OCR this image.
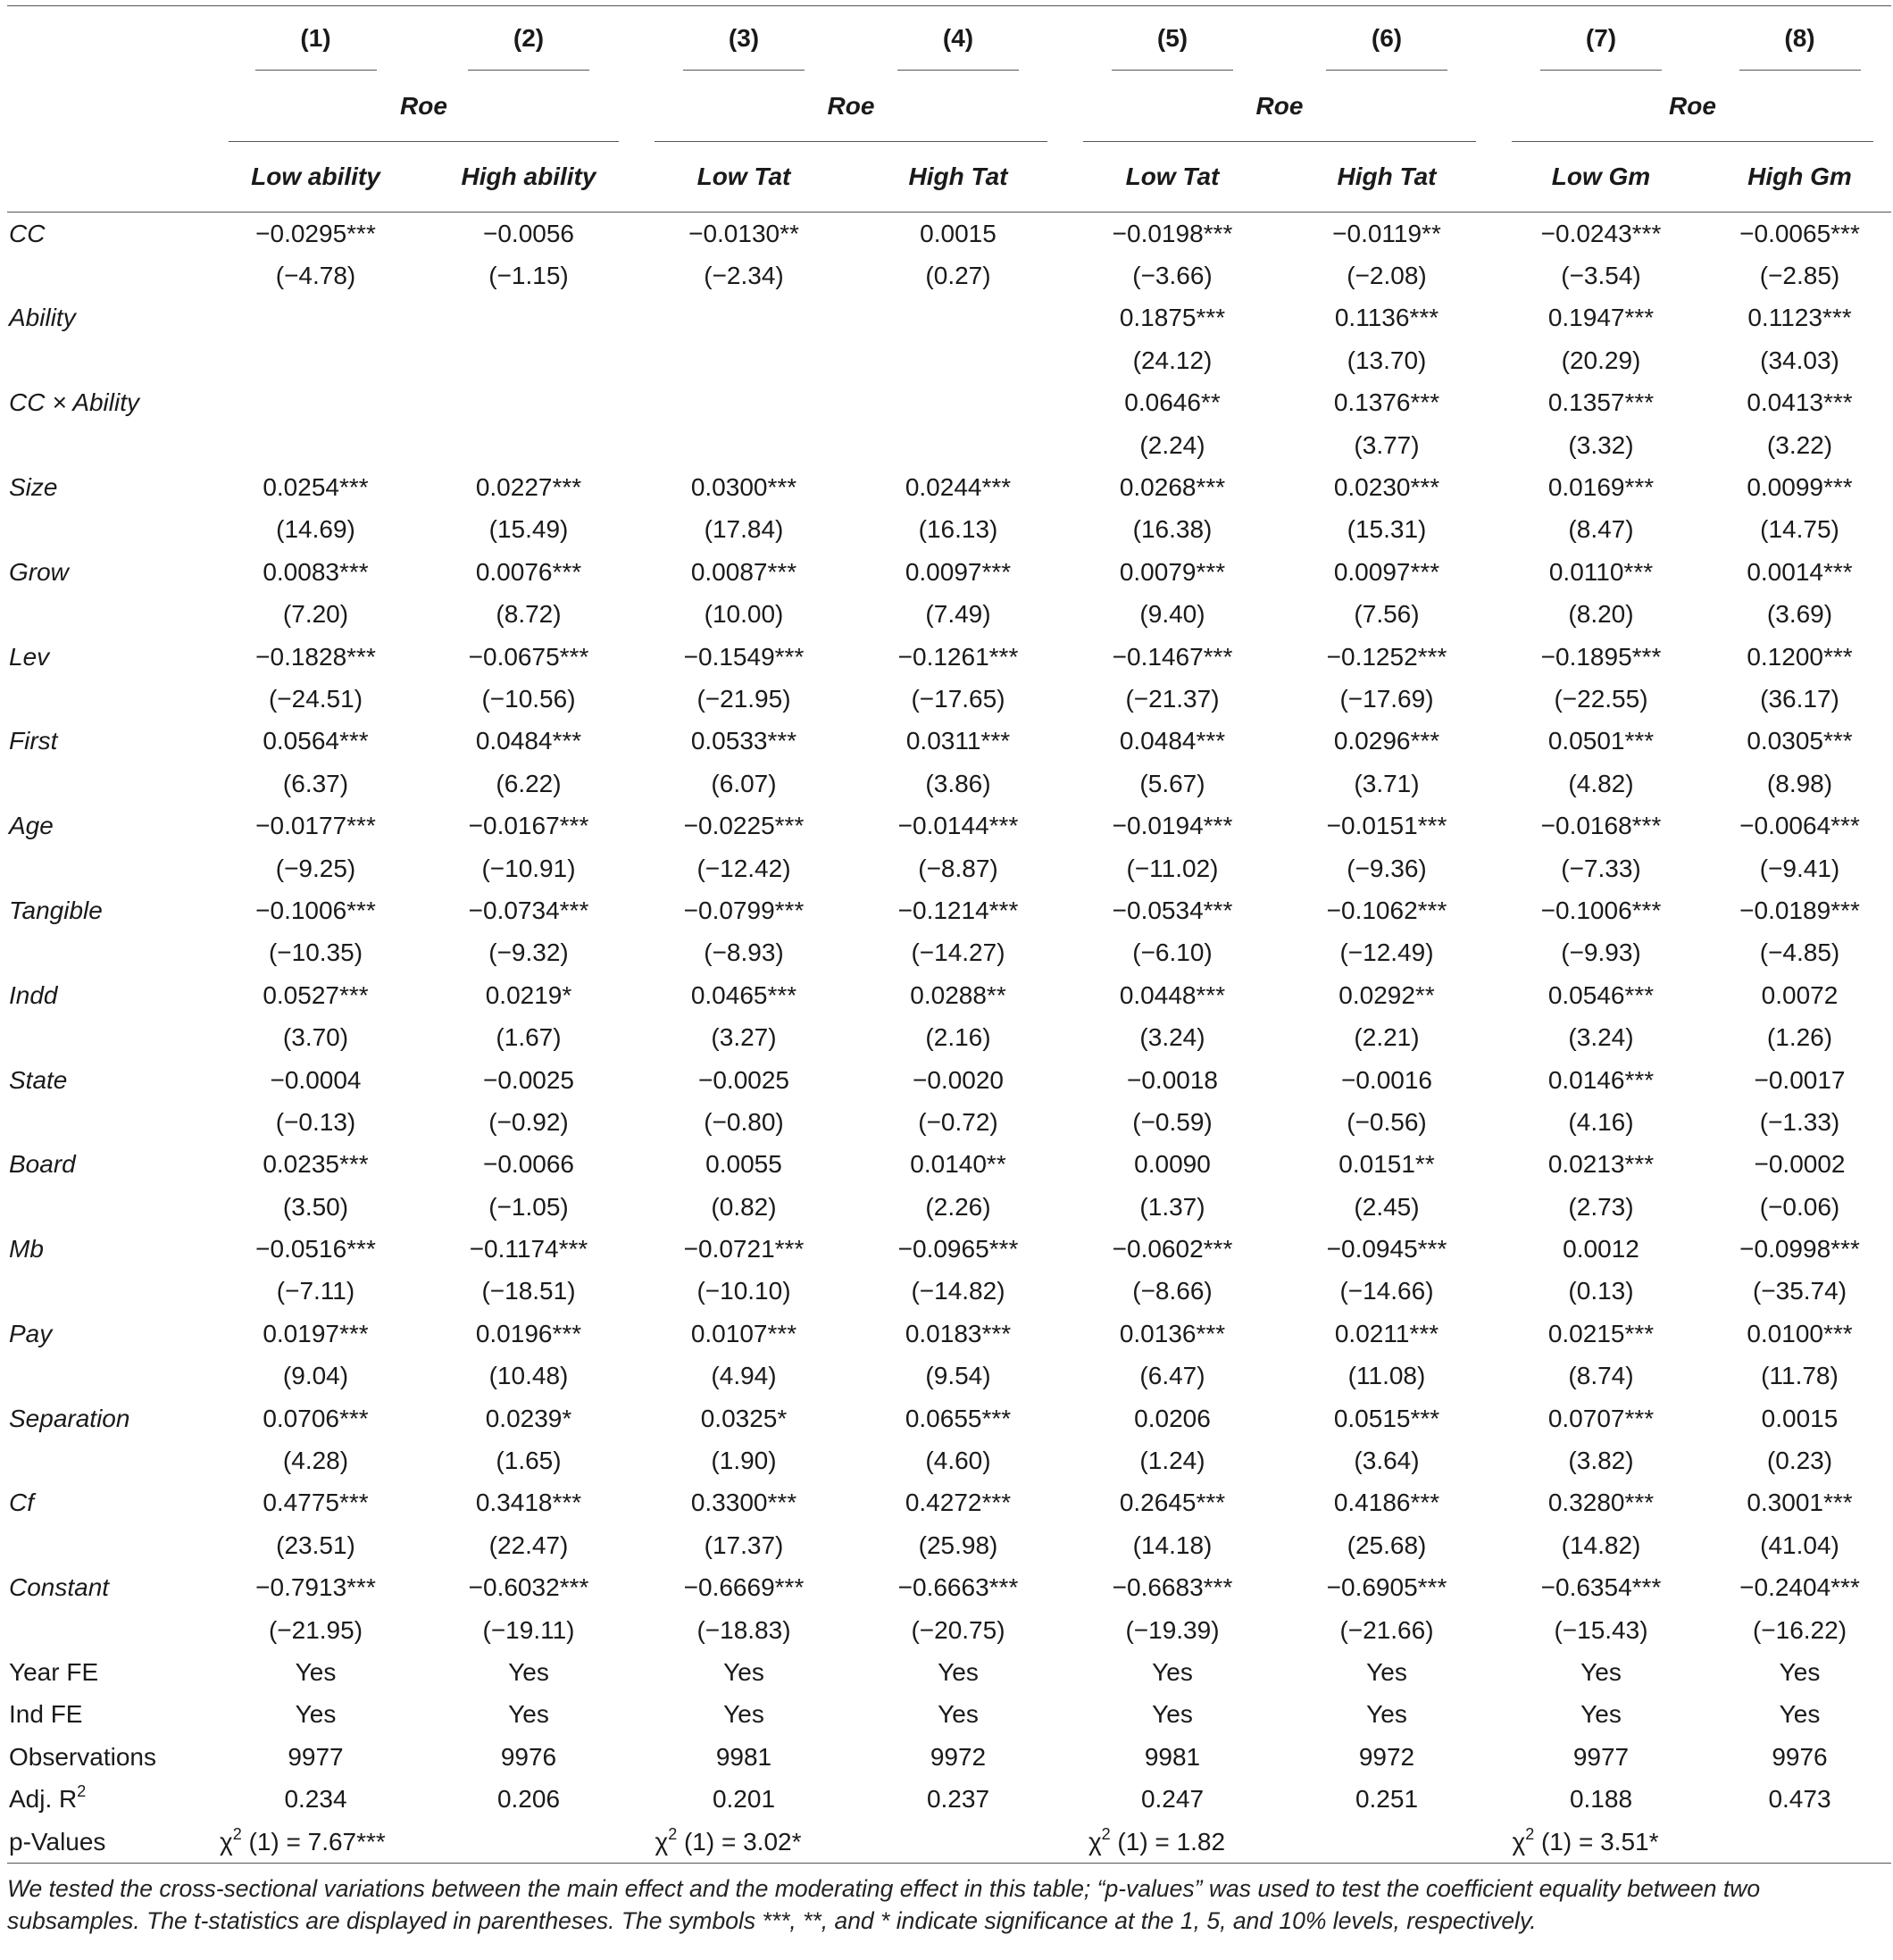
	(1)	(2)	(3)	(4)	(5)	(6)	(7)	(8)

	Roe		Roe		Roe		Roe	

	Low ability	High ability	Low Tat	High Tat	Low Tat	High Tat	Low Gm	High Gm
CC	−0.0295***	−0.0056	−0.0130**	0.0015	−0.0198***	−0.0119**	−0.0243***	−0.0065***
	(−4.78)	(−1.15)	(−2.34)	(0.27)	(−3.66)	(−2.08)	(−3.54)	(−2.85)
Ability					0.1875***	0.1136***	0.1947***	0.1123***
					(24.12)	(13.70)	(20.29)	(34.03)
CC × Ability					0.0646**	0.1376***	0.1357***	0.0413***
					(2.24)	(3.77)	(3.32)	(3.22)
Size	0.0254***	0.0227***	0.0300***	0.0244***	0.0268***	0.0230***	0.0169***	0.0099***
	(14.69)	(15.49)	(17.84)	(16.13)	(16.38)	(15.31)	(8.47)	(14.75)
Grow	0.0083***	0.0076***	0.0087***	0.0097***	0.0079***	0.0097***	0.0110***	0.0014***
	(7.20)	(8.72)	(10.00)	(7.49)	(9.40)	(7.56)	(8.20)	(3.69)
Lev	−0.1828***	−0.0675***	−0.1549***	−0.1261***	−0.1467***	−0.1252***	−0.1895***	0.1200***
	(−24.51)	(−10.56)	(−21.95)	(−17.65)	(−21.37)	(−17.69)	(−22.55)	(36.17)
First	0.0564***	0.0484***	0.0533***	0.0311***	0.0484***	0.0296***	0.0501***	0.0305***
	(6.37)	(6.22)	(6.07)	(3.86)	(5.67)	(3.71)	(4.82)	(8.98)
Age	−0.0177***	−0.0167***	−0.0225***	−0.0144***	−0.0194***	−0.0151***	−0.0168***	−0.0064***
	(−9.25)	(−10.91)	(−12.42)	(−8.87)	(−11.02)	(−9.36)	(−7.33)	(−9.41)
Tangible	−0.1006***	−0.0734***	−0.0799***	−0.1214***	−0.0534***	−0.1062***	−0.1006***	−0.0189***
	(−10.35)	(−9.32)	(−8.93)	(−14.27)	(−6.10)	(−12.49)	(−9.93)	(−4.85)
Indd	0.0527***	0.0219*	0.0465***	0.0288**	0.0448***	0.0292**	0.0546***	0.0072
	(3.70)	(1.67)	(3.27)	(2.16)	(3.24)	(2.21)	(3.24)	(1.26)
State	−0.0004	−0.0025	−0.0025	−0.0020	−0.0018	−0.0016	0.0146***	−0.0017
	(−0.13)	(−0.92)	(−0.80)	(−0.72)	(−0.59)	(−0.56)	(4.16)	(−1.33)
Board	0.0235***	−0.0066	0.0055	0.0140**	0.0090	0.0151**	0.0213***	−0.0002
	(3.50)	(−1.05)	(0.82)	(2.26)	(1.37)	(2.45)	(2.73)	(−0.06)
Mb	−0.0516***	−0.1174***	−0.0721***	−0.0965***	−0.0602***	−0.0945***	0.0012	−0.0998***
	(−7.11)	(−18.51)	(−10.10)	(−14.82)	(−8.66)	(−14.66)	(0.13)	(−35.74)
Pay	0.0197***	0.0196***	0.0107***	0.0183***	0.0136***	0.0211***	0.0215***	0.0100***
	(9.04)	(10.48)	(4.94)	(9.54)	(6.47)	(11.08)	(8.74)	(11.78)
Separation	0.0706***	0.0239*	0.0325*	0.0655***	0.0206	0.0515***	0.0707***	0.0015
	(4.28)	(1.65)	(1.90)	(4.60)	(1.24)	(3.64)	(3.82)	(0.23)
Cf	0.4775***	0.3418***	0.3300***	0.4272***	0.2645***	0.4186***	0.3280***	0.3001***
	(23.51)	(22.47)	(17.37)	(25.98)	(14.18)	(25.68)	(14.82)	(41.04)
Constant	−0.7913***	−0.6032***	−0.6669***	−0.6663***	−0.6683***	−0.6905***	−0.6354***	−0.2404***
	(−21.95)	(−19.11)	(−18.83)	(−20.75)	(−19.39)	(−21.66)	(−15.43)	(−16.22)
Year FE	Yes	Yes	Yes	Yes	Yes	Yes	Yes	Yes
Ind FE	Yes	Yes	Yes	Yes	Yes	Yes	Yes	Yes
Observations	9977	9976	9981	9972	9981	9972	9977	9976
Adj. $R^2$	0.234	0.206	0.201	0.237	0.247	0.251	0.188	0.473
p-Values	$\chi^2$ (1) = 7.67***		$\chi^2$ (1) = 3.02*		$\chi^2$ (1) = 1.82		$\chi^2$ (1) = 3.51*	
We tested the cross-sectional variations between the main effect and the moderating effect in this table; “p-values” was used to test the coefficient equality between two subsamples. The t-statistics are displayed in parentheses. The symbols ***, **, and * indicate significance at the 1, 5, and 10% levels, respectively.
